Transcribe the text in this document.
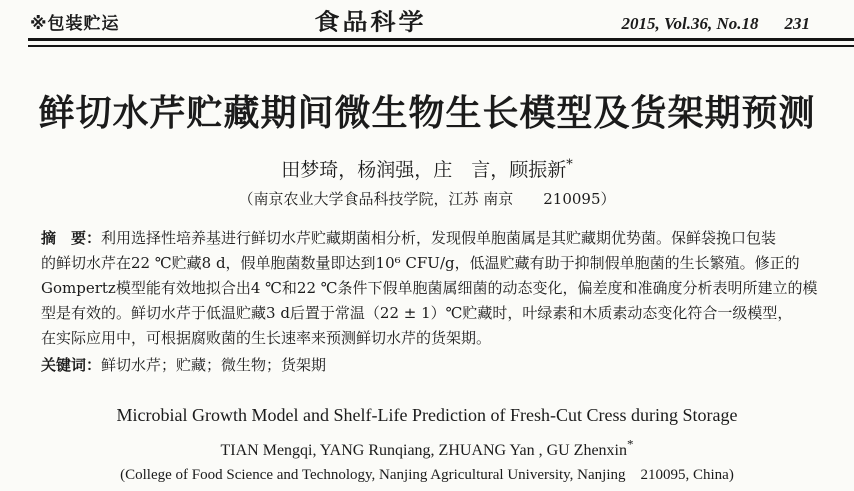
※包装贮运	食品科学	2015, Vol.36, No.18 231
鲜切水芹贮藏期间微生物生长模型及货架期预测
田梦琦，杨润强，庄　言，顾振新*
（南京农业大学食品科技学院，江苏 南京　　210095）
摘　要：利用选择性培养基进行鲜切水芹贮藏期菌相分析，发现假单胞菌属是其贮藏期优势菌。保鲜袋挽口包装
的鲜切水芹在22 ℃贮藏8 d，假单胞菌数量即达到10⁶ CFU/g，低温贮藏有助于抑制假单胞菌的生长繁殖。修正的
Gompertz模型能有效地拟合出4 ℃和22 ℃条件下假单胞菌属细菌的动态变化，偏差度和准确度分析表明所建立的模
型是有效的。鲜切水芹于低温贮藏3 d后置于常温（22 ± 1）℃贮藏时，叶绿素和木质素动态变化符合一级模型，
在实际应用中，可根据腐败菌的生长速率来预测鲜切水芹的货架期。
关键词：鲜切水芹；贮藏；微生物；货架期
Microbial Growth Model and Shelf-Life Prediction of Fresh-Cut Cress during Storage
TIAN Mengqi, YANG Runqiang, ZHUANG Yan , GU Zhenxin*
(College of Food Science and Technology, Nanjing Agricultural University, Nanjing    210095, China)
